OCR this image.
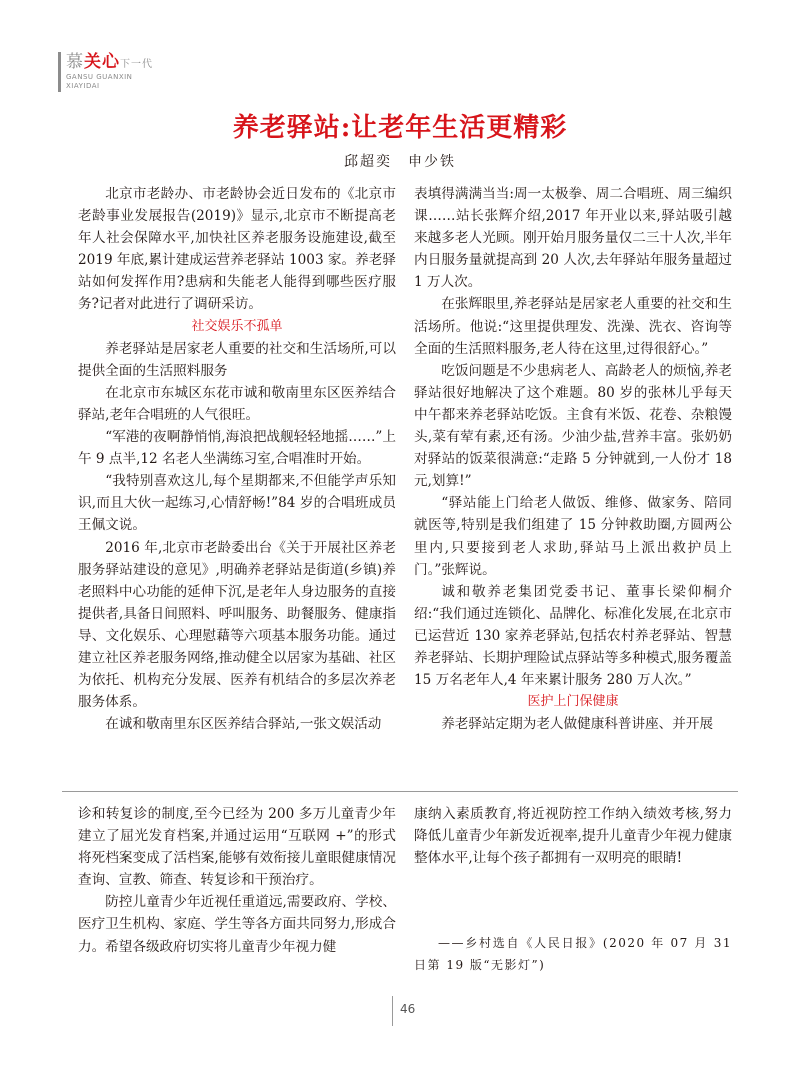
慕关心下一代
GANSU GUANXIN
XIAYIDAI
养老驿站:让老年生活更精彩
邱超奕　申少铁

北京市老龄办、市老龄协会近日发布的《北京市老龄事业发展报告(2019)》显示,北京市不断提高老年人社会保障水平,加快社区养老服务设施建设,截至 2019 年底,累计建成运营养老驿站 1003 家。养老驿站如何发挥作用?患病和失能老人能得到哪些医疗服务?记者对此进行了调研采访。

社交娱乐不孤单

养老驿站是居家老人重要的社交和生活场所,可以提供全面的生活照料服务

在北京市东城区东花市诚和敬南里东区医养结合驿站,老年合唱班的人气很旺。

“军港的夜啊静悄悄,海浪把战舰轻轻地摇……”上午 9 点半,12 名老人坐满练习室,合唱准时开始。

“我特别喜欢这儿,每个星期都来,不但能学声乐知识,而且大伙一起练习,心情舒畅!”84 岁的合唱班成员王佩文说。

2016 年,北京市老龄委出台《关于开展社区养老服务驿站建设的意见》,明确养老驿站是街道(乡镇)养老照料中心功能的延伸下沉,是老年人身边服务的直接提供者,具备日间照料、呼叫服务、助餐服务、健康指导、文化娱乐、心理慰藉等六项基本服务功能。通过建立社区养老服务网络,推动健全以居家为基础、社区为依托、机构充分发展、医养有机结合的多层次养老服务体系。

在诚和敬南里东区医养结合驿站,一张文娱活动

表填得满满当当:周一太极拳、周二合唱班、周三编织课……站长张辉介绍,2017 年开业以来,驿站吸引越来越多老人光顾。刚开始月服务量仅二三十人次,半年内日服务量就提高到 20 人次,去年驿站年服务量超过 1 万人次。

在张辉眼里,养老驿站是居家老人重要的社交和生活场所。他说:“这里提供理发、洗澡、洗衣、咨询等全面的生活照料服务,老人待在这里,过得很舒心。”

吃饭问题是不少患病老人、高龄老人的烦恼,养老驿站很好地解决了这个难题。80 岁的张林儿乎每天中午都来养老驿站吃饭。主食有米饭、花卷、杂粮馒头,菜有荤有素,还有汤。少油少盐,营养丰富。张奶奶对驿站的饭菜很满意:“走路 5 分钟就到,一人份才 18 元,划算!”

“驿站能上门给老人做饭、维修、做家务、陪同就医等,特别是我们组建了 15 分钟救助圈,方圆两公里内,只要接到老人求助,驿站马上派出救护员上门。”张辉说。

诚和敬养老集团党委书记、董事长梁仰桐介绍:“我们通过连锁化、品牌化、标准化发展,在北京市已运营近 130 家养老驿站,包括农村养老驿站、智慧养老驿站、长期护理险试点驿站等多种模式,服务覆盖 15 万名老年人,4 年来累计服务 280 万人次。”

医护上门保健康

养老驿站定期为老人做健康科普讲座、并开展

诊和转复诊的制度,至今已经为 200 多万儿童青少年建立了屈光发育档案,并通过运用“互联网 +”的形式将死档案变成了活档案,能够有效衔接儿童眼健康情况查询、宣教、筛查、转复诊和干预治疗。

防控儿童青少年近视任重道远,需要政府、学校、医疗卫生机构、家庭、学生等各方面共同努力,形成合力。希望各级政府切实将儿童青少年视力健

康纳入素质教育,将近视防控工作纳入绩效考核,努力降低儿童青少年新发近视率,提升儿童青少年视力健康整体水平,让每个孩子都拥有一双明亮的眼睛!

——乡村选自《人民日报》(2020 年 07 月 31 日第 19 版“无影灯”)

46
